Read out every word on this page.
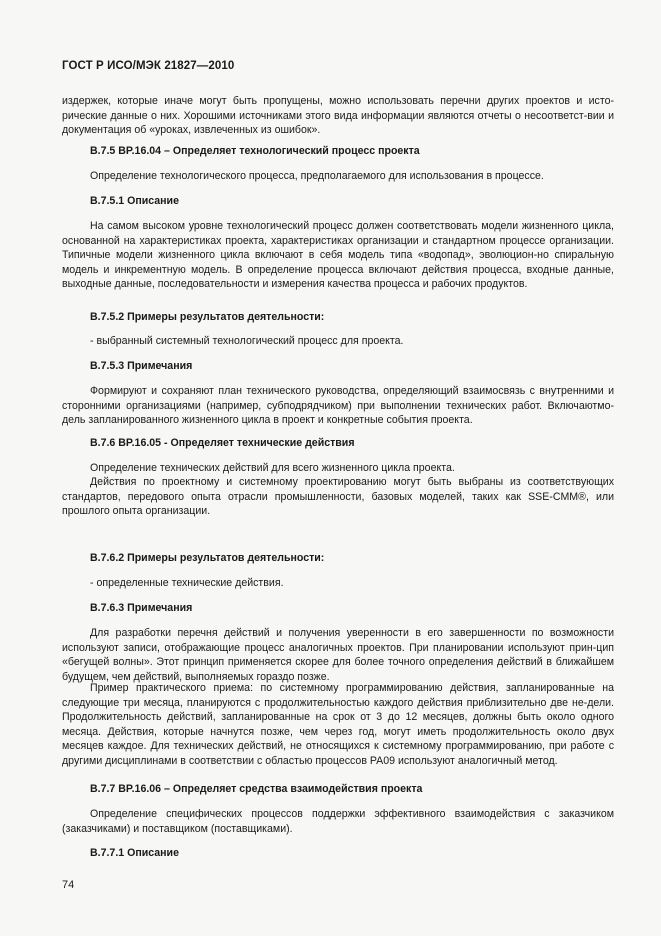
ГОСТ Р ИСО/МЭК 21827—2010

издержек, которые иначе могут быть пропущены, можно использовать перечни других проектов и исто-рические данные о них. Хорошими источниками этого вида информации являются отчеты о несоответст-вии и документация об «уроках, извлеченных из ошибок».

B.7.5 BP.16.04 – Определяет технологический процесс проекта

Определение технологического процесса, предполагаемого для использования в процессе.

B.7.5.1 Описание

На самом высоком уровне технологический процесс должен соответствовать модели жизненного цикла, основанной на характеристиках проекта, характеристиках организации и стандартном процессе организации. Типичные модели жизненного цикла включают в себя модель типа «водопад», эволюцион-но спиральную модель и инкрементную модель. В определение процесса включают действия процесса, входные данные, выходные данные, последовательности и измерения качества процесса и рабочих продуктов.

B.7.5.2 Примеры результатов деятельности:

- выбранный системный технологический процесс для проекта.

B.7.5.3 Примечания

Формируют и сохраняют план технического руководства, определяющий взаимосвязь с внутренними и сторонними организациями (например, субподрядчиком) при выполнении технических работ. Включаютмо-дель запланированного жизненного цикла в проект и конкретные события проекта.

B.7.6 BP.16.05 - Определяет технические действия

Определение технических действий для всего жизненного цикла проекта.

Действия по проектному и системному проектированию могут быть выбраны из соответствующих стандартов, передового опыта отрасли промышленности, базовых моделей, таких как SSE-CMM®, или прошлого опыта организации.

B.7.6.2 Примеры результатов деятельности:

- определенные технические действия.

B.7.6.3 Примечания

Для разработки перечня действий и получения уверенности в его завершенности по возможности используют записи, отображающие процесс аналогичных проектов. При планировании используют прин-цип «бегущей волны». Этот принцип применяется скорее для более точного определения действий в ближайшем будущем, чем действий, выполняемых гораздо позже.

Пример практического приема: по системному программированию действия, запланированные на следующие три месяца, планируются с продолжительностью каждого действия приблизительно две не-дели. Продолжительность действий, запланированные на срок от 3 до 12 месяцев, должны быть около одного месяца. Действия, которые начнутся позже, чем через год, могут иметь продолжительность около двух месяцев каждое. Для технических действий, не относящихся к системному программированию, при работе с другими дисциплинами в соответствии с областью процессов PA09 используют аналогичный метод.

B.7.7 BP.16.06 – Определяет средства взаимодействия проекта

Определение специфических процессов поддержки эффективного взаимодействия с заказчиком (заказчиками) и поставщиком (поставщиками).

B.7.7.1 Описание

74
